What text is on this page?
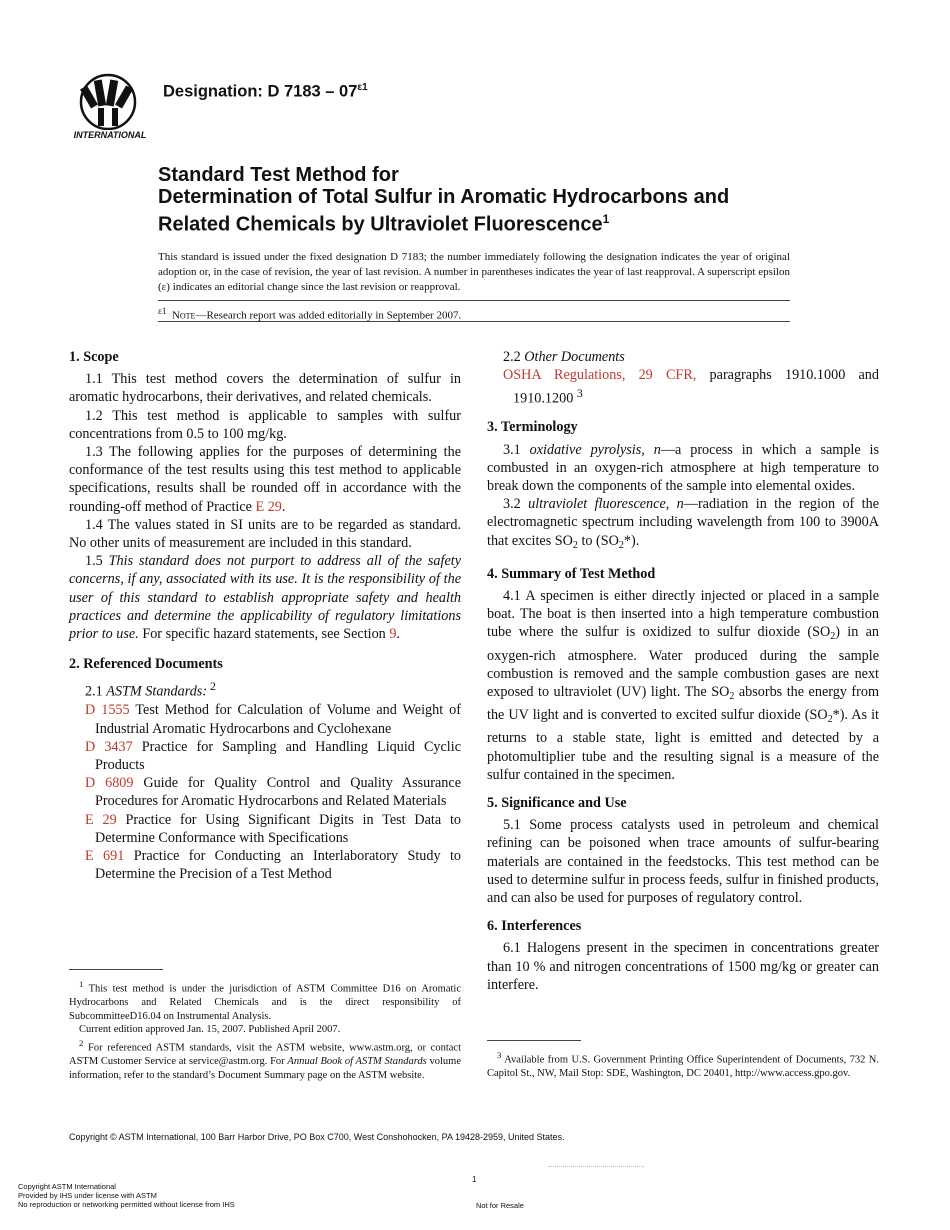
INTERNATIONAL
Designation: D $7183 - 07^{\varepsilon 1}$
Standard Test Method for
Determination of Total Sulfur in Aromatic Hydrocarbons and
Related Chemicals by Ultraviolet Fluorescence$^1$
This standard is issued under the fixed designation D 7183; the number immediately following the designation indicates the year of original adoption or, in the case of revision, the year of last revision. A number in parentheses indicates the year of last reapproval. A superscript epsilon (ε) indicates an editorial change since the last revision or reapproval.
$^{\varepsilon 1}$ Note—Research report was added editorially in September 2007.

1. Scope

1.1 This test method covers the determination of sulfur in aromatic hydrocarbons, their derivatives, and related chemicals.

1.2 This test method is applicable to samples with sulfur concentrations from 0.5 to 100 mg/kg.

1.3 The following applies for the purposes of determining the conformance of the test results using this test method to applicable specifications, results shall be rounded off in accordance with the rounding-off method of Practice E 29.

1.4 The values stated in SI units are to be regarded as standard. No other units of measurement are included in this standard.

1.5 This standard does not purport to address all of the safety concerns, if any, associated with its use. It is the responsibility of the user of this standard to establish appropriate safety and health practices and determine the applicability of regulatory limitations prior to use. For specific hazard statements, see Section 9.

2. Referenced Documents

2.1 ASTM Standards: $^2$

D 1555 Test Method for Calculation of Volume and Weight of Industrial Aromatic Hydrocarbons and Cyclohexane

D 3437 Practice for Sampling and Handling Liquid Cyclic Products

D 6809 Guide for Quality Control and Quality Assurance Procedures for Aromatic Hydrocarbons and Related Materials

E 29 Practice for Using Significant Digits in Test Data to Determine Conformance with Specifications

E 691 Practice for Conducting an Interlaboratory Study to Determine the Precision of a Test Method

$^1$ This test method is under the jurisdiction of ASTM Committee D16 on Aromatic Hydrocarbons and Related Chemicals and is the direct responsibility of SubcommitteeD16.04 on Instrumental Analysis.

Current edition approved Jan. 15, 2007. Published April 2007.

$^2$ For referenced ASTM standards, visit the ASTM website, www.astm.org, or contact ASTM Customer Service at service@astm.org. For Annual Book of ASTM Standards volume information, refer to the standard’s Document Summary page on the ASTM website.

2.2 Other Documents

OSHA Regulations, 29 CFR, paragraphs 1910.1000 and 1910.1200 $^3$

3. Terminology

3.1 oxidative pyrolysis, n—a process in which a sample is combusted in an oxygen-rich atmosphere at high temperature to break down the components of the sample into elemental oxides.

3.2 ultraviolet fluorescence, n—radiation in the region of the electromagnetic spectrum including wavelength from 100 to 3900A that excites $SO_2$ to $(SO_2*)$.

4. Summary of Test Method

4.1 A specimen is either directly injected or placed in a sample boat. The boat is then inserted into a high temperature combustion tube where the sulfur is oxidized to sulfur dioxide $(SO_2)$ in an oxygen-rich atmosphere. Water produced during the sample combustion is removed and the sample combustion gases are next exposed to ultraviolet (UV) light. The $SO_2$ absorbs the energy from the UV light and is converted to excited sulfur dioxide $(SO_2*)$. As it returns to a stable state, light is emitted and detected by a photomultiplier tube and the resulting signal is a measure of the sulfur contained in the specimen.

5. Significance and Use

5.1 Some process catalysts used in petroleum and chemical refining can be poisoned when trace amounts of sulfur-bearing materials are contained in the feedstocks. This test method can be used to determine sulfur in process feeds, sulfur in finished products, and can also be used for purposes of regulatory control.

6. Interferences

6.1 Halogens present in the specimen in concentrations greater than 10 % and nitrogen concentrations of 1500 mg/kg or greater can interfere.

$^3$ Available from U.S. Government Printing Office Superintendent of Documents, 732 N. Capitol St., NW, Mail Stop: SDE, Washington, DC 20401, http://www.access.gpo.gov.

Copyright © ASTM International, 100 Barr Harbor Drive, PO Box C700, West Conshohocken, PA 19428-2959, United States.
1
Copyright ASTM International
Provided by IHS under license with ASTM
No reproduction or networking permitted without license from IHS	Not for Resale
